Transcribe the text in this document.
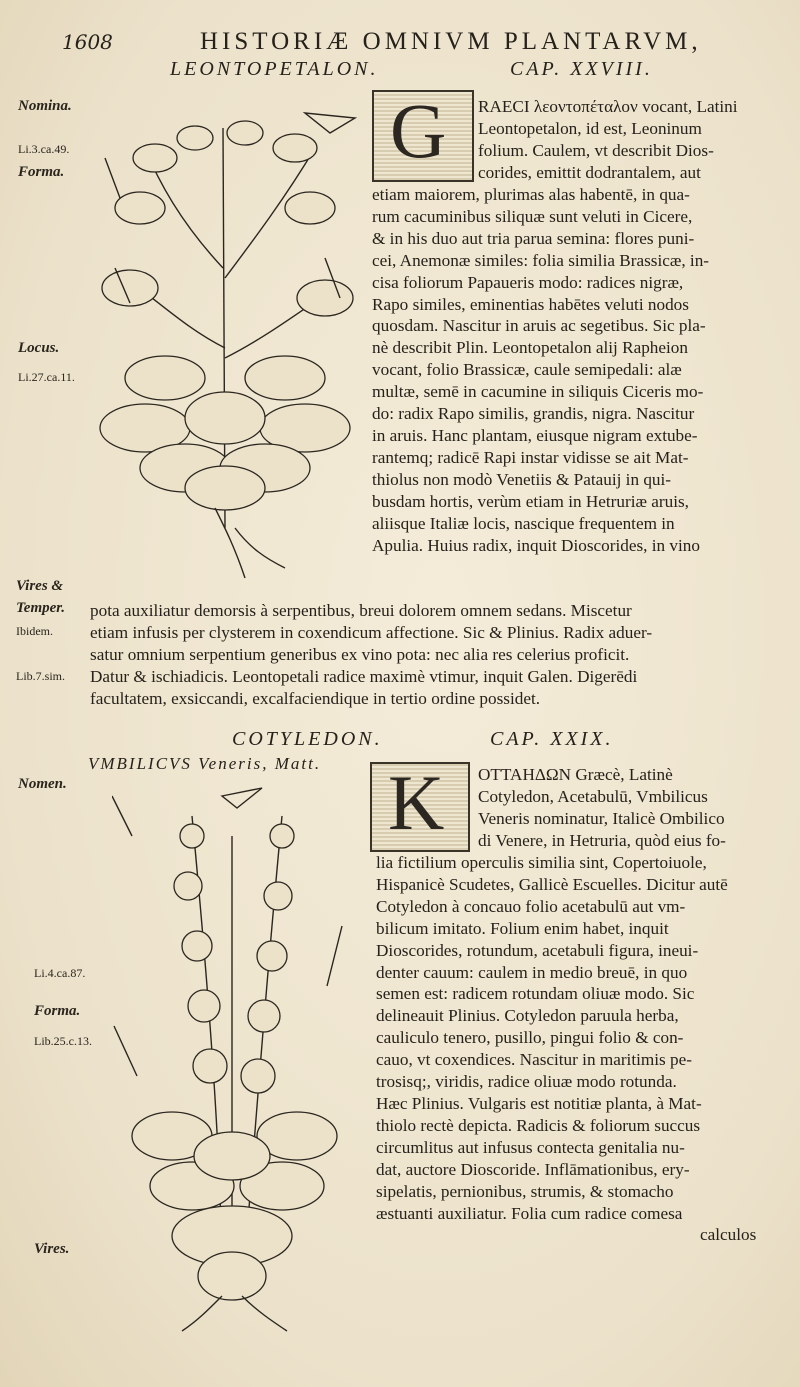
1608	HISTORIÆ OMNIVM PLANTARVM,
LEONTOPETALON.	CAP. XXVIII.
Nomina.
Li.3.ca.49.
Forma.
Locus.
Li.27.ca.11.
Vires &
Temper.
Ibidem.
Lib.7.sim.
G RAECI λεοντοπέταλον vocant, Latini
Leontopetalon, id est, Leoninum
folium. Caulem, vt describit Dios-
corides, emittit dodrantalem, aut
etiam maiorem, plurimas alas habentē, in qua-
rum cacuminibus siliquæ sunt veluti in Cicere,
& in his duo aut tria parua semina: flores puni-
cei, Anemonæ similes: folia similia Brassicæ, in-
cisa foliorum Papaueris modo: radices nigræ,
Rapo similes, eminentias habētes veluti nodos
quosdam. Nascitur in aruis ac segetibus. Sic pla-
nè describit Plin. Leontopetalon alij Rapheion
vocant, folio Brassicæ, caule semipedali: alæ
multæ, semē in cacumine in siliquis Ciceris mo-
do: radix Rapo similis, grandis, nigra. Nascitur
in aruis. Hanc plantam, eiusque nigram extube-
rantemq; radicē Rapi instar vidisse se ait Mat-
thiolus non modò Venetiis & Patauij in qui-
busdam hortis, verùm etiam in Hetruriæ aruis,
aliisque Italiæ locis, nascique frequentem in
Apulia. Huius radix, inquit Dioscorides, in vino
pota auxiliatur demorsis à serpentibus, breui dolorem omnem sedans. Miscetur
etiam infusis per clysterem in coxendicum affectione. Sic & Plinius. Radix aduer-
satur omnium serpentium generibus ex vino pota: nec alia res celerius proficit.
Datur & ischiadicis. Leontopetali radice maximè vtimur, inquit Galen. Digerēdi
facultatem, exsiccandi, excalfaciendique in tertio ordine possidet.
COTYLEDON.	CAP. XXIX.
VMBILICVS Veneris, Matt.
Nomen.
Li.4.ca.87.
Forma.
Lib.25.c.13.
Vires.
K OTTAHΔΩN Græcè, Latinè
Cotyledon, Acetabulū, Vmbilicus
Veneris nominatur, Italicè Ombilico
di Venere, in Hetruria, quòd eius fo-
lia fictilium operculis similia sint, Copertoiuole,
Hispanicè Scudetes, Gallicè Escuelles. Dicitur autē
Cotyledon à concauo folio acetabulū aut vm-
bilicum imitato. Folium enim habet, inquit
Dioscorides, rotundum, acetabuli figura, ineui-
denter cauum: caulem in medio breuē, in quo
semen est: radicem rotundam oliuæ modo. Sic
delineauit Plinius. Cotyledon paruula herba,
cauliculo tenero, pusillo, pingui folio & con-
cauo, vt coxendices. Nascitur in maritimis pe-
trosisq;, viridis, radice oliuæ modo rotunda.
Hæc Plinius. Vulgaris est notitiæ planta, à Mat-
thiolo rectè depicta. Radicis & foliorum succus
circumlitus aut infusus contecta genitalia nu-
dat, auctore Dioscoride. Inflāmationibus, ery-
sipelatis, pernionibus, strumis, & stomacho
æstuanti auxiliatur. Folia cum radice comesa
calculos
